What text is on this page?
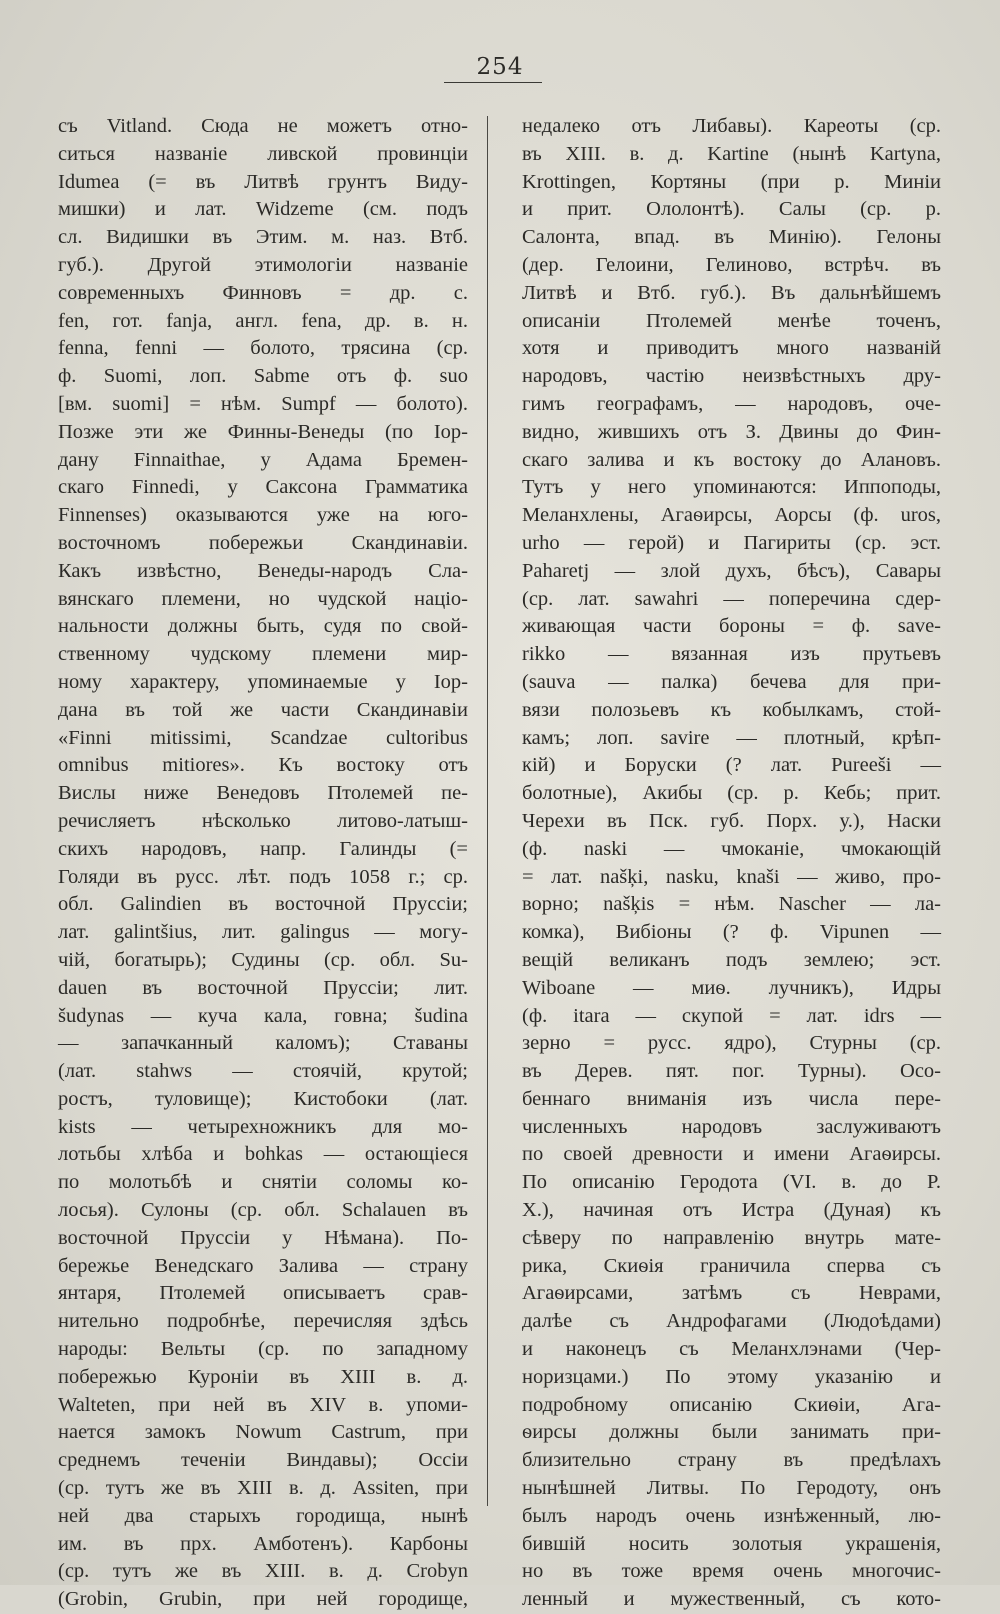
254
съ Vitland. Сюда не можетъ отно-
ситься названіе ливской провинціи
Idumea (= въ Литвѣ грунтъ Виду-
мишки) и лат. Widzeme (см. подъ
сл. Видишки въ Этим. м. наз. Втб.
губ.). Другой этимологіи названіе
современныхъ Финновъ = др. с.
fen, гот. fanja, англ. fena, др. в. н.
fenna, fenni — болото, трясина (ср.
ф. Suomi, лоп. Sabme отъ ф. suo
[вм. suomi] = нѣм. Sumpf — болото).
Позже эти же Финны-Венеды (по Іор-
дану Finnaithae, у Адама Бремен-
скаго Finnedi, у Саксона Грамматика
Finnenses) оказываются уже на юго-
восточномъ побережьи Скандинавіи.
Какъ извѣстно, Венеды-народъ Сла-
вянскаго племени, но чудской націо-
нальности должны быть, судя по свой-
ственному чудскому племени мир-
ному характеру, упоминаемые у Іор-
дана въ той же части Скандинавіи
«Finni mitissimi, Scandzae cultoribus
omnibus mitiores». Къ востоку отъ
Вислы ниже Венедовъ Птолемей пе-
речисляетъ нѣсколько литово-латыш-
скихъ народовъ, напр. Галинды (=
Голяди въ русс. лѣт. подъ 1058 г.; ср.
обл. Galindien въ восточной Пруссіи;
лат. galintšius, лит. galingus — могу-
чій, богатырь); Судины (ср. обл. Su-
dauen въ восточной Пруссіи; лит.
šudynas — куча кала, говна; šudina
— запачканный каломъ); Ставаны
(лат. stahws — стоячій, крутой;
ростъ, туловище); Кистобоки (лат.
kists — четырехножникъ для мо-
лотьбы хлѣба и bohkas — остающіеся
по молотьбѣ и снятіи соломы ко-
лосья). Сулоны (ср. обл. Schalauen въ
восточной Пруссіи у Нѣмана). По-
бережье Венедскаго Залива — страну
янтаря, Птолемей описываетъ срав-
нительно подробнѣе, перечисляя здѣсь
народы: Вельты (ср. по западному
побережью Куроніи въ XIII в. д.
Walteten, при ней въ XIV в. упоми-
нается замокъ Nowum Castrum, при
среднемъ теченіи Виндавы); Оссіи
(ср. тутъ же въ XIII в. д. Assiten, при
ней два старыхъ городища, нынѣ
им. въ прх. Амботенъ). Карбоны
(ср. тутъ же въ XIII. в. д. Crobyn
(Grobin, Grubin, при ней городище,
недалеко отъ Либавы). Кареоты (ср.
въ XIII. в. д. Kartine (нынѣ Kartyna,
Krottingen, Кортяны (при р. Миніи
и прит. Ололонтѣ). Салы (ср. р.
Салонта, впад. въ Минію). Гелоны
(дер. Гелоини, Гелиново, встрѣч. въ
Литвѣ и Втб. губ.). Въ дальнѣйшемъ
описаніи Птолемей менѣе точенъ,
хотя и приводитъ много названій
народовъ, частію неизвѣстныхъ дру-
гимъ географамъ, — народовъ, оче-
видно, жившихъ отъ З. Двины до Фин-
скаго залива и къ востоку до Алановъ.
Тутъ у него упоминаются: Иппоподы,
Меланхлены, Агаѳирсы, Аорсы (ф. uros,
urho — герой) и Пагириты (ср. эст.
Paharetj — злой духъ, бѣсъ), Савары
(ср. лат. sawahri — поперечина сдер-
живающая части бороны = ф. save-
rikko — вязанная изъ прутьевъ
(sauva — палка) бечева для при-
вязи полозьевъ къ кобылкамъ, стой-
камъ; лоп. savire — плотный, крѣп-
кій) и Боруски (? лат. Pureeši —
болотные), Акибы (ср. р. Кебь; прит.
Черехи въ Пск. губ. Порх. у.), Наски
(ф. naski — чмоканіе, чмокающій
= лат. našķi, nasku, knaši — живо, про-
ворно; našķis = нѣм. Nascher — ла-
комка), Вибіоны (? ф. Vipunen —
вещій великанъ подъ землею; эст.
Wiboane — миѳ. лучникъ), Идры
(ф. itara — скупой = лат. idrs —
зерно = русс. ядро), Стурны (ср.
въ Дерев. пят. пог. Турны). Осо-
беннаго вниманія изъ числа пере-
численныхъ народовъ заслуживаютъ
по своей древности и имени Агаѳирсы.
По описанію Геродота (VI. в. до Р.
Х.), начиная отъ Истра (Дуная) къ
сѣверу по направленію внутрь мате-
рика, Скиѳія граничила сперва съ
Агаѳирсами, затѣмъ съ Неврами,
далѣе съ Андрофагами (Людоѣдами)
и наконецъ съ Меланхлэнами (Чер-
норизцами.) По этому указанію и
подробному описанію Скиѳіи, Ага-
ѳирсы должны были занимать при-
близительно страну въ предѣлахъ
нынѣшней Литвы. По Геродоту, онъ
былъ народъ очень изнѣженный, лю-
бившій носить золотыя украшенія,
но въ тоже время очень многочис-
ленный и мужественный, съ кото-
